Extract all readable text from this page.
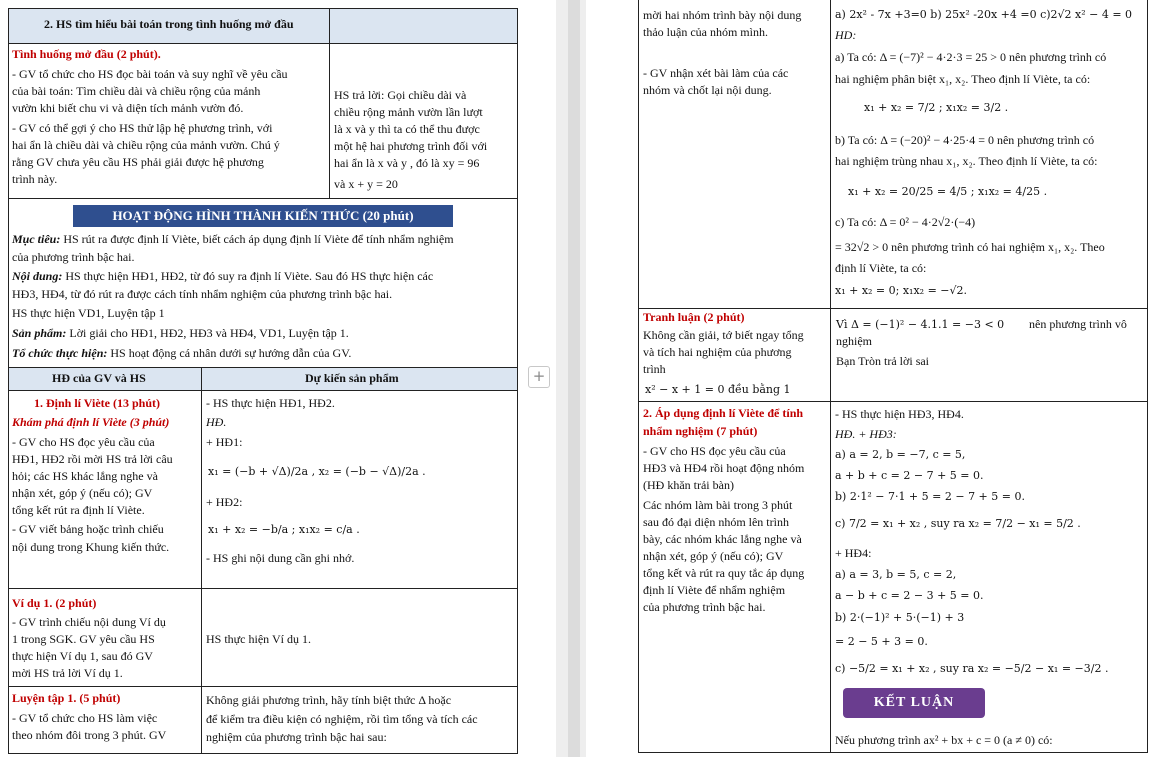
2. HS tìm hiểu bài toán trong tình huống mở đầu
Tình huống mở đầu (2 phút).
- GV tổ chức cho HS đọc bài toán và suy nghĩ về yêu cầu
của bài toán: Tìm chiều dài và chiều rộng của mảnh
vườn khi biết chu vi và diện tích mảnh vườn đó.
- GV có thể gợi ý cho HS thử lập hệ phương trình, với
hai ẩn là chiều dài và chiều rộng của mảnh vườn. Chú ý
rằng GV chưa yêu cầu HS phải giải được hệ phương
trình này.
HS trả lời: Gọi chiều dài và
chiều rộng mảnh vườn lần lượt
là x và y thì ta có thể thu được
một hệ hai phương trình đối với
hai ẩn là x và y , đó là xy = 96
và x + y = 20
HOẠT ĐỘNG HÌNH THÀNH KIẾN THỨC (20 phút)
Mục tiêu: HS rút ra được định lí Viète, biết cách áp dụng định lí Viète để tính nhẩm nghiệm
của phương trình bậc hai.
Nội dung: HS thực hiện HĐ1, HĐ2, từ đó suy ra định lí Viète. Sau đó HS thực hiện các
HĐ3, HĐ4, từ đó rút ra được cách tính nhẩm nghiệm của phương trình bậc hai.
HS thực hiện VD1, Luyện tập 1
Sản phẩm: Lời giải cho HĐ1, HĐ2, HĐ3 và HĐ4, VD1, Luyện tập 1.
Tổ chức thực hiện: HS hoạt động cá nhân dưới sự hướng dẫn của GV.
HĐ của GV và HS	Dự kiến sản phẩm
1. Định lí Viète (13 phút)
Khám phá định lí Viète (3 phút)
- GV cho HS đọc yêu cầu của
HĐ1, HĐ2 rồi mời HS trả lời câu
hỏi; các HS khác lắng nghe và
nhận xét, góp ý (nếu có); GV
tổng kết rút ra định lí Viète.
- GV viết bảng hoặc trình chiếu
nội dung trong Khung kiến thức.
- HS thực hiện HĐ1, HĐ2.
HĐ.
+ HĐ1:
x₁ = (−b + √Δ)/2a , x₂ = (−b − √Δ)/2a .
+ HĐ2:
x₁ + x₂ = −b/a ; x₁x₂ = c/a .
- HS ghi nội dung cần ghi nhớ.
Ví dụ 1. (2 phút)
- GV trình chiếu nội dung Ví dụ
1 trong SGK. GV yêu cầu HS
thực hiện Ví dụ 1, sau đó GV
mời HS trả lời Ví dụ 1.
HS thực hiện Ví dụ 1.
Luyện tập 1. (5 phút)
- GV tổ chức cho HS làm việc
theo nhóm đôi trong 3 phút. GV
Không giải phương trình, hãy tính biệt thức Δ hoặc
để kiểm tra điều kiện có nghiệm, rồi tìm tổng và tích các
nghiệm của phương trình bậc hai sau:
+
mời hai nhóm trình bày nội dung
thảo luận của nhóm mình.
- GV nhận xét bài làm của các
nhóm và chốt lại nội dung.
a) 2x² - 7x +3=0 b) 25x² -20x +4 =0 c)2√2 x² − 4 = 0
HD:
a) Ta có: Δ = (−7)² − 4·2·3 = 25 > 0 nên phương trình có
hai nghiệm phân biệt x₁, x₂. Theo định lí Viète, ta có:
x₁ + x₂ = 7/2 ; x₁x₂ = 3/2 .
b) Ta có: Δ = (−20)² − 4·25·4 = 0 nên phương trình có
hai nghiệm trùng nhau x₁, x₂. Theo định lí Viète, ta có:
x₁ + x₂ = 20/25 = 4/5 ; x₁x₂ = 4/25 .
c) Ta có: Δ = 0² − 4·2√2·(−4)
= 32√2 > 0 nên phương trình có hai nghiệm x₁, x₂. Theo
định lí Viète, ta có:
x₁ + x₂ = 0; x₁x₂ = −√2.
Tranh luận (2 phút)
Không cần giải, tớ biết ngay tổng
và tích hai nghiệm của phương
trình
x² − x + 1 = 0 đều bằng 1
Vì Δ = (−1)² − 4.1.1 = −3 < 0 nên phương trình vô
nghiệm
Bạn Tròn trả lời sai
2. Áp dụng định lí Viète để tính
nhẩm nghiệm (7 phút)
- GV cho HS đọc yêu cầu của
HĐ3 và HĐ4 rồi hoạt động nhóm
(HĐ khăn trải bàn)
Các nhóm làm bài trong 3 phút
sau đó đại diện nhóm lên trình
bày, các nhóm khác lắng nghe và
nhận xét, góp ý (nếu có); GV
tổng kết và rút ra quy tắc áp dụng
định lí Viète để nhẩm nghiệm
của phương trình bậc hai.
- HS thực hiện HĐ3, HĐ4.
HĐ. + HĐ3:
a) a = 2, b = −7, c = 5,
a + b + c = 2 − 7 + 5 = 0.
b) 2·1² − 7·1 + 5 = 2 − 7 + 5 = 0.
c) 7/2 = x₁ + x₂ , suy ra x₂ = 7/2 − x₁ = 5/2 .
+ HĐ4:
a) a = 3, b = 5, c = 2,
a − b + c = 2 − 3 + 5 = 0.
b) 2·(−1)² + 5·(−1) + 3
= 2 − 5 + 3 = 0.
c) −5/2 = x₁ + x₂ , suy ra x₂ = −5/2 − x₁ = −3/2 .
KẾT LUẬN
Nếu phương trình ax² + bx + c = 0 (a ≠ 0) có:
